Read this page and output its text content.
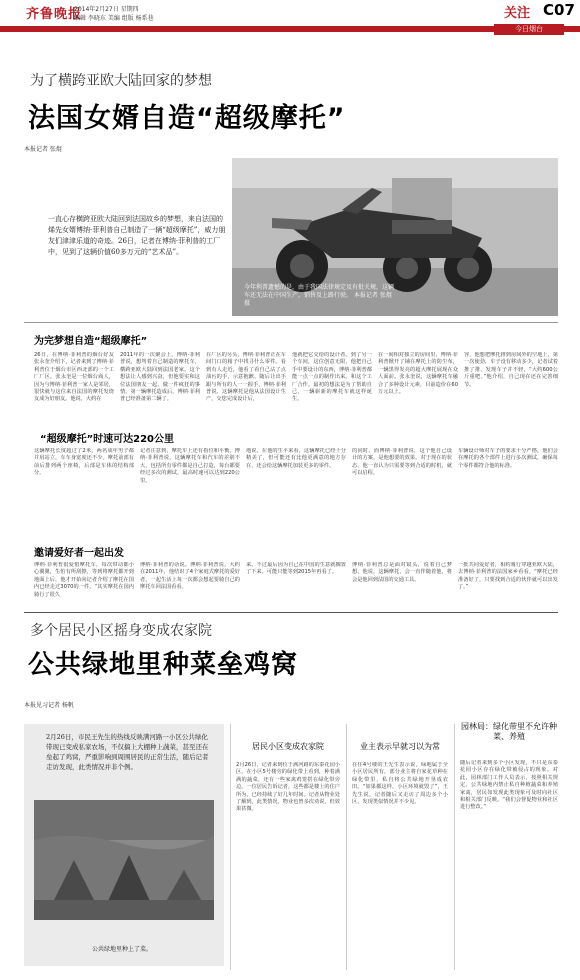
齐鲁晚报
2014年2月27日 星期四
编辑 李晓东 美编 组版 杨系巷	关注 C07
今日烟台
为了横跨亚欧大陆回家的梦想
法国女婿自造“超级摩托”
本报记者 张焜
一直心存横跨亚欧大陆回到法国故乡的梦想，来自法国的烯先女婿博纳·菲利普自己制造了一辆“超级摩托”，威力朋友们津津乐道的奇迹。26日，记者在博纳·菲利普的工厂中，见到了这辆价值60多万元的“艺术品”。
今年利普遗憾的是，由于我国法律规定及有批关规，这辆车还无法在中国生产，销售及上路行驶。 本报记者 张焜 摄
为完梦想自造“超级摩托”
26日，在博纳·菲利普的烟台好友张永奎介绍下，记者来到了博纳·菲利普位于烟台市区西北部的一个工厂厂区。张永奎是一位烟台商人，因为与博纳·菲利普一家人是邻居，很快就与这位来自法国的摩托发烧友成为好朋友。他说，大约在
2011年的一次聚会上，博纳·菲利普说，想驾着自己制造的摩托车，横跨亚欧大陆回到法国老家。这个想法让人感到兴奋，但他要实和这位法国朋友一起，做一件疯狂的事情，第一辆摩托造成后，博纳·菲利普已经准备第二辆了。
在厂区的另头，博纳·菲利普正在车间门口的箱子中找寻什么零件。看到有人走近，他看了看自己沾了点油污的手，示意抱歉，随后让出手跟与所有的人一一握手，博纳·菲利普说，这辆摩托是他从法国设计生产，交您完成设计后，
他就把它交给的设计者。到了另一个车间，这位创意无限，他把自己手中要设计的东西，博纳·菲利普都能一点一点的制作出来。和这个工厂合作。最初的想法是为了帮助自己，一辆崭新的摩托车就这样诞生。
在一间相对独立的房间里，博纳·菲利普掀开了铺在摩托上的防尘布，一辆黑得发亮的超大摩托展现在众人面前。张永奎说，这辆摩托车融合了多种设计元素，目前造价在60万元以上。
容，他想把摩托推到房间外的空地上，第一次使劲，车子没有移动多少，记者试着推了推，发现车子并不轻。“大约600公斤重吧。”他介绍，自己现在还在完善细节。
“超级摩托”时速可达220公里
这辆摩托长度超过了2米，两名成年男子都并肩站立，车车身宽度还不少。摩托前部有前后排列两个座椅，后部是车体的结构部分。
记者注意到，摩托车上还有指位和平衡，博纳·菲利普说，这辆摩托车和汽车的差别不大，包括所有零件都是自己打造，每台都要经过多次的测试，最高时速可以达到220公里。
地说，在他的生平来看，这辆摩托已经十分精美了，但可能还有比他更满意的地方存在，还会给这辆摩托加装更多的零件。
的同时，而博纳·菲利普说，这个他自己设计的方案，是他想要的效果。对于现在的状态，他一直认为只需要等到合适的时机，就可以启程。
车辆设计师对车子的要求十分严格，他们会在摩托的各个部件上进行多次测试，确保每个零件都符合他的标准。
邀请爱好者一起出发
博纳·菲利普很爱惜摩托车，每次带动都小心翼翼，生怕有所刮擦，等到将摩托都开到地面上后，他才开始向记者介绍了摩托在国内已经走过3070的一件，“其实摩托在国内骑行了很久
博纳·菲利普的话说。博纳·菲利普说，大约在2011年，他结识了4个家庭式摩托的爱好者，一起生活上每一次都会想起要骑自己的摩托车回法国看看。
来，不过最后因为自己在中国的生意就搁置了下来。可能只能等到2015年再看了。
博纳·菲利普总是面对镜头，说着自己梦想，他说，这辆摩托，会一直伴随着他，将会是他回到法国的交通工具。
一批共同爱好者，相约骑行穿越亚欧大陆，去博纳·菲利普的法国家乡看看。“摩托已经准备好了，只要找到合适的伙伴就可以出发了。”
多个居民小区摇身变成农家院
公共绿地里种菜垒鸡窝
本报见习记者 杨帆
2月26日，市民王先生的热线反映满河路一小区公共绿化带现已变成私家农场，不仅搞上大棚种上蔬菜，甚至还在垒起了鸡窝，严重影响到周围居民的正常生活，随后记者走访发现，此类情况并非个例。
公共绿地里种上了菜。
居民小区变成农家院
2月26日，记者来到位于满河路的东泰花园小区，在小区5号楼旁的绿化带上看到，种着满满的蔬菜，还有一些家禽鸡笼搭在绿化带旁边。一位居民告诉记者，这些都是楼上的住户所为，已经持续了好几年时间。记者从物业处了解到，此类情况，物业也曾多次劝说，但效果甚微。
业主表示早就习以为常
在住4号楼的王先生表示说，绿地属于全小区居民所有，部分业主将自家花草种在绿化带里，私自将公共绿地开垦成农田。“如果都这样，小区环境就毁了”，王先生说。记者随后又走访了周边多个小区，发现类似情况并不少见。
园林局：绿化带里不允许种菜、养殖
随后记者来到多个小区发现，不只是东泰花园小区存在绿化带被侵占的现象。对此，园林部门工作人员表示，按照相关规定，公共绿地内禁止私自种植蔬菜和养殖家禽，居民如发现此类现象可及时向社区和相关部门反映。“我们会督促物业和社区进行整改。”
